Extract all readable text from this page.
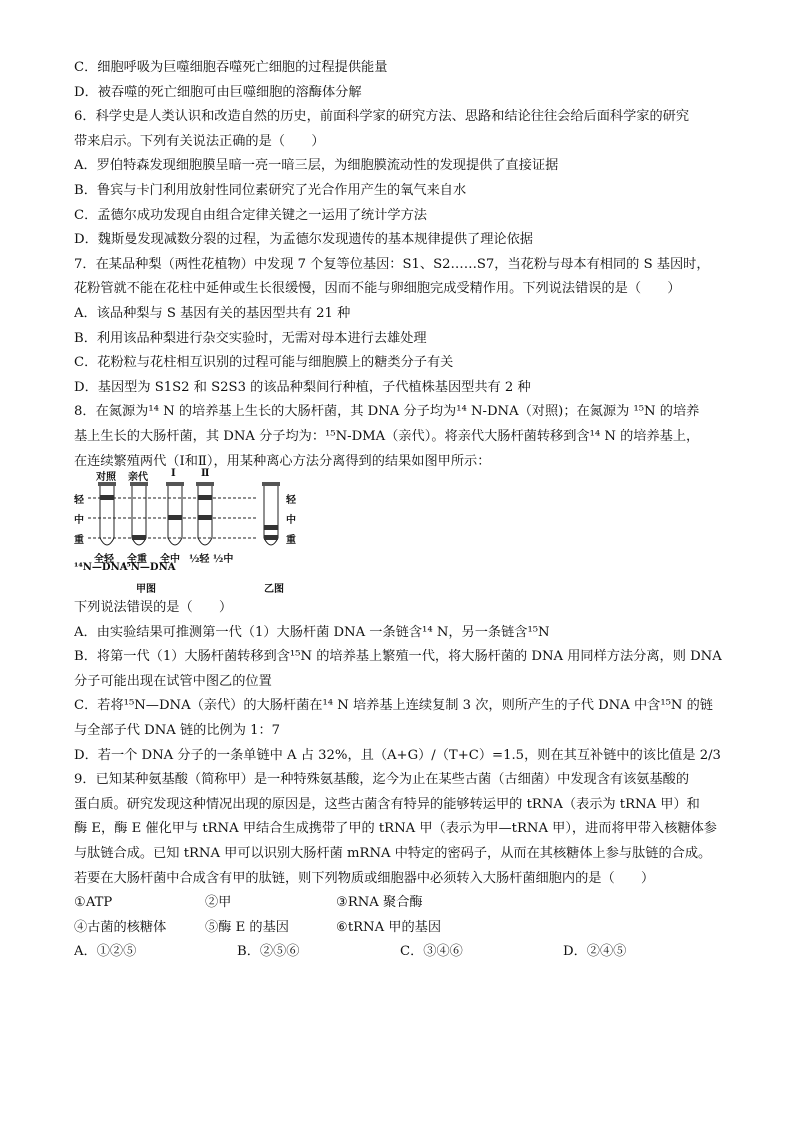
C．细胞呼吸为巨噬细胞吞噬死亡细胞的过程提供能量
D．被吞噬的死亡细胞可由巨噬细胞的溶酶体分解
6．科学史是人类认识和改造自然的历史，前面科学家的研究方法、思路和结论往往会给后面科学家的研究
带来启示。下列有关说法正确的是（　　）
A．罗伯特森发现细胞膜呈暗一亮一暗三层，为细胞膜流动性的发现提供了直接证据
B．鲁宾与卡门利用放射性同位素研究了光合作用产生的氧气来自水
C．孟德尔成功发现自由组合定律关键之一运用了统计学方法
D．魏斯曼发现减数分裂的过程，为孟德尔发现遗传的基本规律提供了理论依据
7．在某品种梨（两性花植物）中发现 7 个复等位基因：S1、S2……S7，当花粉与母本有相同的 S 基因时，
花粉管就不能在花柱中延伸或生长很缓慢，因而不能与卵细胞完成受精作用。下列说法错误的是（　　）
A．该品种梨与 S 基因有关的基因型共有 21 种
B．利用该品种梨进行杂交实验时，无需对母本进行去雄处理
C．花粉粒与花柱相互识别的过程可能与细胞膜上的糖类分子有关
D．基因型为 S1S2 和 S2S3 的该品种梨间行种植，子代植株基因型共有 2 种
8．在氮源为¹⁴ N 的培养基上生长的大肠杆菌，其 DNA 分子均为¹⁴ N-DNA（对照)；在氮源为 ¹⁵N 的培养
基上生长的大肠杆菌，其 DNA 分子均为：¹⁵N-DMA（亲代）。将亲代大肠杆菌转移到含¹⁴ N 的培养基上，
在连续繁殖两代（Ⅰ和Ⅱ），用某种离心方法分离得到的结果如图甲所示：
对照 亲代 Ⅰ	Ⅱ
轻
中
重
轻
中
重
全轻 全重 全中 ½轻 ½中
¹⁴N—DNA
¹⁵N—DNA
甲图	乙图
下列说法错误的是（　　）
A．由实验结果可推测第一代（1）大肠杆菌 DNA 一条链含¹⁴ N，另一条链含¹⁵N
B．将第一代（1）大肠杆菌转移到含¹⁵N 的培养基上繁殖一代，将大肠杆菌的 DNA 用同样方法分离，则 DNA
分子可能出现在试管中图乙的位置
C．若将¹⁵N—DNA（亲代）的大肠杆菌在¹⁴ N 培养基上连续复制 3 次，则所产生的子代 DNA 中含¹⁵N 的链
与全部子代 DNA 链的比例为 1：7
D．若一个 DNA 分子的一条单链中 A 占 32%，且（A+G）/（T+C）=1.5，则在其互补链中的该比值是 2/3
9．已知某种氨基酸（简称甲）是一种特殊氨基酸，迄今为止在某些古菌（古细菌）中发现含有该氨基酸的
蛋白质。研究发现这种情况出现的原因是，这些古菌含有特异的能够转运甲的 tRNA（表示为 tRNA 甲）和
酶 E，酶 E 催化甲与 tRNA 甲结合生成携带了甲的 tRNA 甲（表示为甲—tRNA 甲），进而将甲带入核糖体参
与肽链合成。已知 tRNA 甲可以识别大肠杆菌 mRNA 中特定的密码子，从而在其核糖体上参与肽链的合成。
若要在大肠杆菌中合成含有甲的肽链，则下列物质或细胞器中必须转入大肠杆菌细胞内的是（　　）
①ATP	②甲	③RNA 聚合酶
④古菌的核糖体	⑤酶 E 的基因	⑥tRNA 甲的基因
A．①②⑤	B．②⑤⑥	C．③④⑥	D．②④⑤
